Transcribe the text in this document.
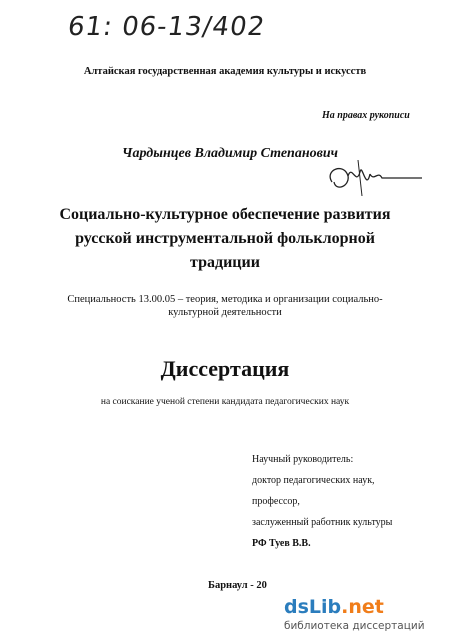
61: 06-13/402
Алтайская государственная академия культуры и искусств
На правах рукописи
Чардынцев Владимир Степанович
Социально-культурное обеспечение развития
русской инструментальной фольклорной
традиции
Специальность 13.00.05 – теория, методика и организации социально-
культурной деятельности
Диссертация
на соискание ученой степени кандидата педагогических наук
Научный руководитель:
доктор педагогических наук,
профессор,
заслуженный работник культуры
РФ Туев В.В.
Барнаул - 20
dsLib.net
библиотека диссертаций
